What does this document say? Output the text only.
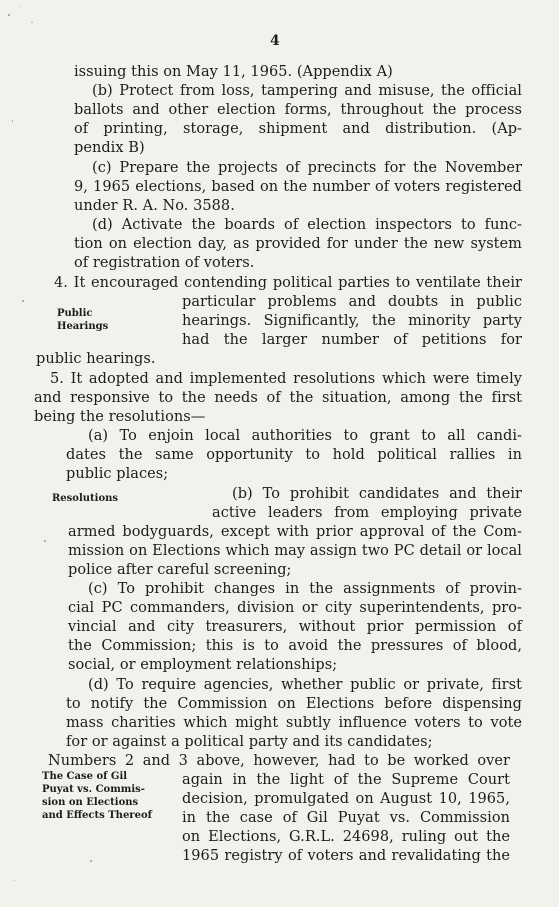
4
issuing this on May 11, 1965. (Appendix A)
(b) Protect from loss, tampering and misuse, the official
ballots and other election forms, throughout the process
of printing, storage, shipment and distribution. (Ap-
pendix B)
(c) Prepare the projects of precincts for the November
9, 1965 elections, based on the number of voters registered
under R. A. No. 3588.
(d) Activate the boards of election inspectors to func-
tion on election day, as provided for under the new system
of registration of voters.
4. It encouraged contending political parties to ventilate their
particular problems and doubts in public
hearings. Significantly, the minority party
had the larger number of petitions for
public hearings.
5. It adopted and implemented resolutions which were timely
and responsive to the needs of the situation, among the first
being the resolutions—
(a) To enjoin local authorities to grant to all candi-
dates the same opportunity to hold political rallies in
public places;
(b) To prohibit candidates and their
active leaders from employing private
armed bodyguards, except with prior approval of the Com-
mission on Elections which may assign two PC detail or local
police after careful screening;
(c) To prohibit changes in the assignments of provin-
cial PC commanders, division or city superintendents, pro-
vincial and city treasurers, without prior permission of
the Commission; this is to avoid the pressures of blood,
social, or employment relationships;
(d) To require agencies, whether public or private, first
to notify the Commission on Elections before dispensing
mass charities which might subtly influence voters to vote
for or against a political party and its candidates;
Numbers 2 and 3 above, however, had to be worked over
again in the light of the Supreme Court
decision, promulgated on August 10, 1965,
in the case of Gil Puyat vs. Commission
on Elections, G.R.L. 24698, ruling out the
1965 registry of voters and revalidating the
Public
Hearings
Resolutions
The Case of Gil
Puyat vs. Commis-
sion on Elections
and Effects Thereof
